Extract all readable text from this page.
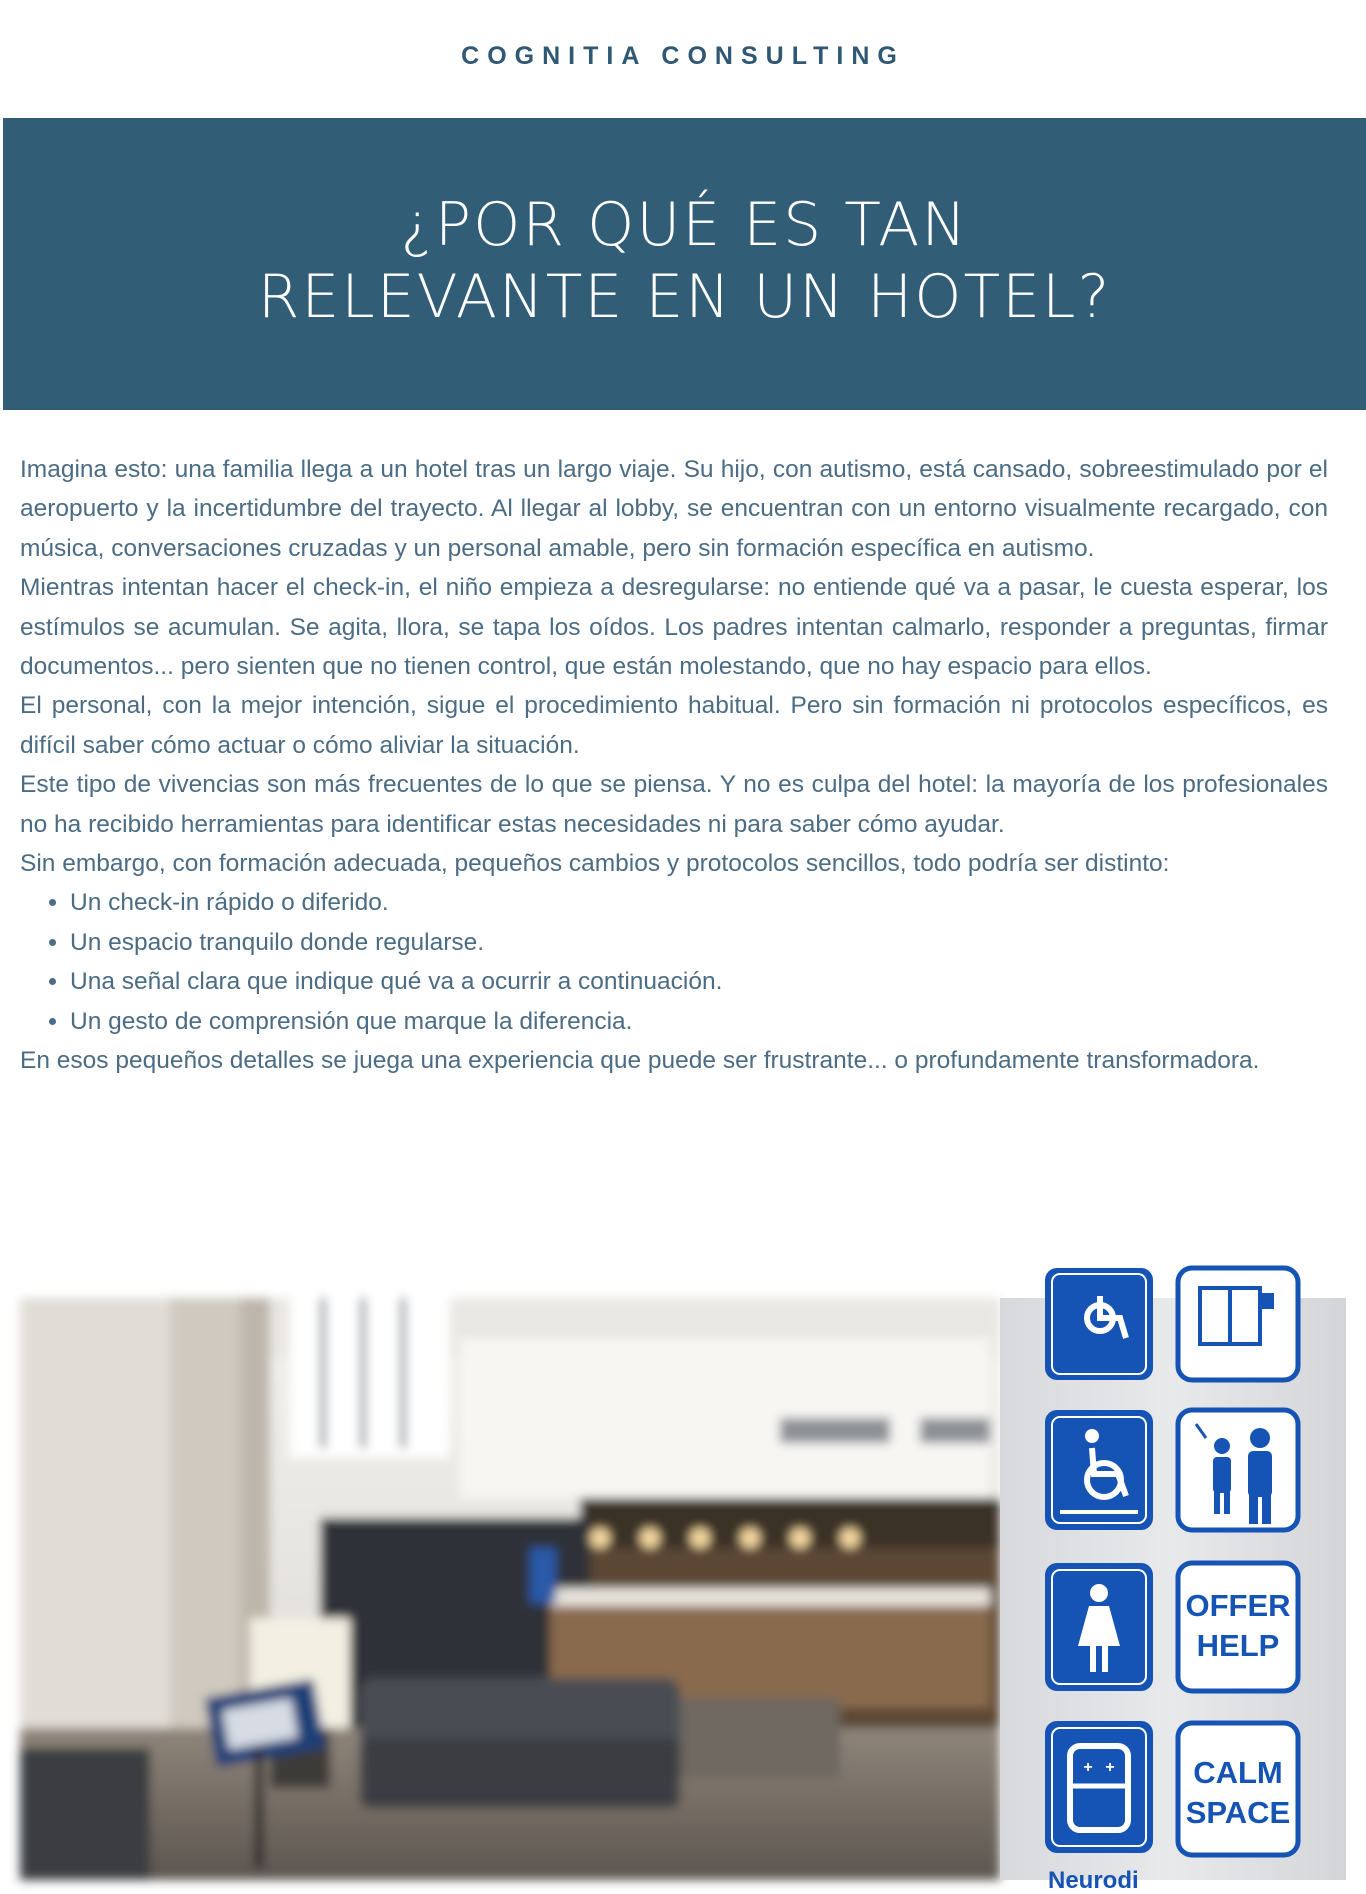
COGNITIA CONSULTING
¿POR QUÉ ES TAN
RELEVANTE EN UN HOTEL?

Imagina esto: una familia llega a un hotel tras un largo viaje. Su hijo, con autismo, está cansado, sobreestimulado por el aeropuerto y la incertidumbre del trayecto. Al llegar al lobby, se encuentran con un entorno visualmente recargado, con música, conversaciones cruzadas y un personal amable, pero sin formación específica en autismo.

Mientras intentan hacer el check-in, el niño empieza a desregularse: no entiende qué va a pasar, le cuesta esperar, los estímulos se acumulan. Se agita, llora, se tapa los oídos. Los padres intentan calmarlo, responder a preguntas, firmar documentos... pero sienten que no tienen control, que están molestando, que no hay espacio para ellos.

El personal, con la mejor intención, sigue el procedimiento habitual. Pero sin formación ni protocolos específicos, es difícil saber cómo actuar o cómo aliviar la situación.

Este tipo de vivencias son más frecuentes de lo que se piensa. Y no es culpa del hotel: la mayoría de los profesionales no ha recibido herramientas para identificar estas necesidades ni para saber cómo ayudar.

Sin embargo, con formación adecuada, pequeños cambios y protocolos sencillos, todo podría ser distinto:

• Un check-in rápido o diferido.
• Un espacio tranquilo donde regularse.
• Una señal clara que indique qué va a ocurrir a continuación.
• Un gesto de comprensión que marque la diferencia.

En esos pequeños detalles se juega una experiencia que puede ser frustrante... o profundamente transformadora.

OFFER
HELP
+ +	CALM
SPACE
Neurodi
